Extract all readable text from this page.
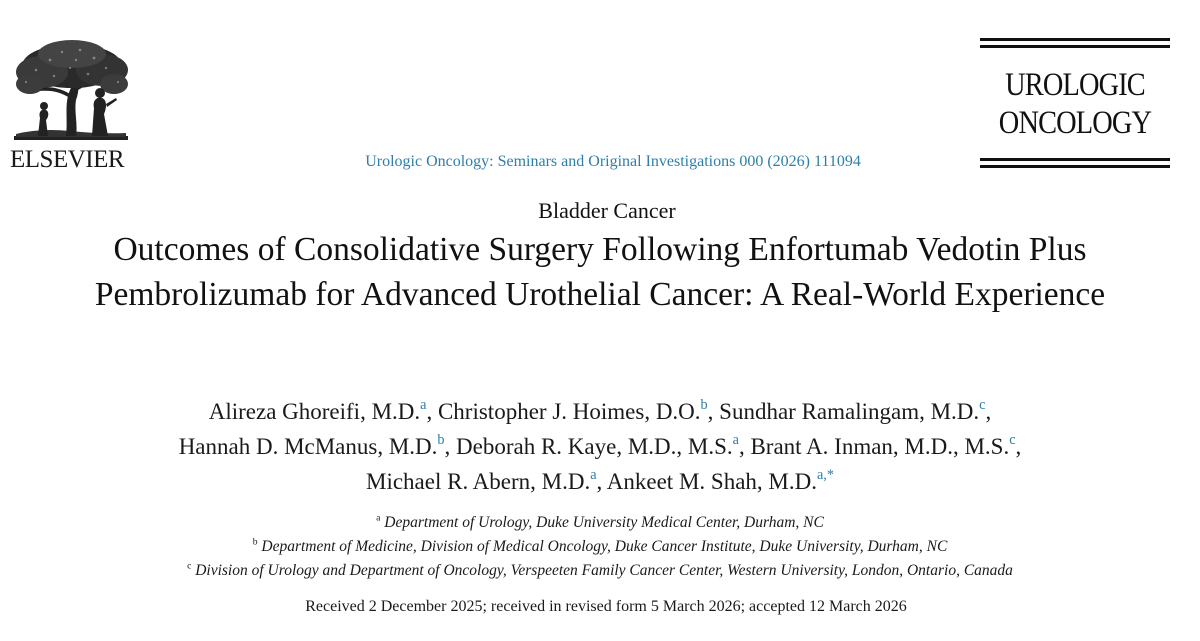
ELSEVIER	Urologic Oncology: Seminars and Original Investigations 000 (2026) 111094
UROLOGIC
ONCOLOGY
Bladder Cancer
Outcomes of Consolidative Surgery Following Enfortumab Vedotin Plus Pembrolizumab for Advanced Urothelial Cancer: A Real-World Experience
Alireza Ghoreifi, M.D.$^a$, Christopher J. Hoimes, D.O.$^b$, Sundhar Ramalingam, M.D.$^c$,
Hannah D. McManus, M.D.$^b$, Deborah R. Kaye, M.D., M.S.$^a$, Brant A. Inman, M.D., M.S.$^c$,
Michael R. Abern, M.D.$^a$, Ankeet M. Shah, M.D.$^{a,*}$
$^a$ Department of Urology, Duke University Medical Center, Durham, NC
$^b$ Department of Medicine, Division of Medical Oncology, Duke Cancer Institute, Duke University, Durham, NC
$^c$ Division of Urology and Department of Oncology, Verspeeten Family Cancer Center, Western University, London, Ontario, Canada
Received 2 December 2025; received in revised form 5 March 2026; accepted 12 March 2026
